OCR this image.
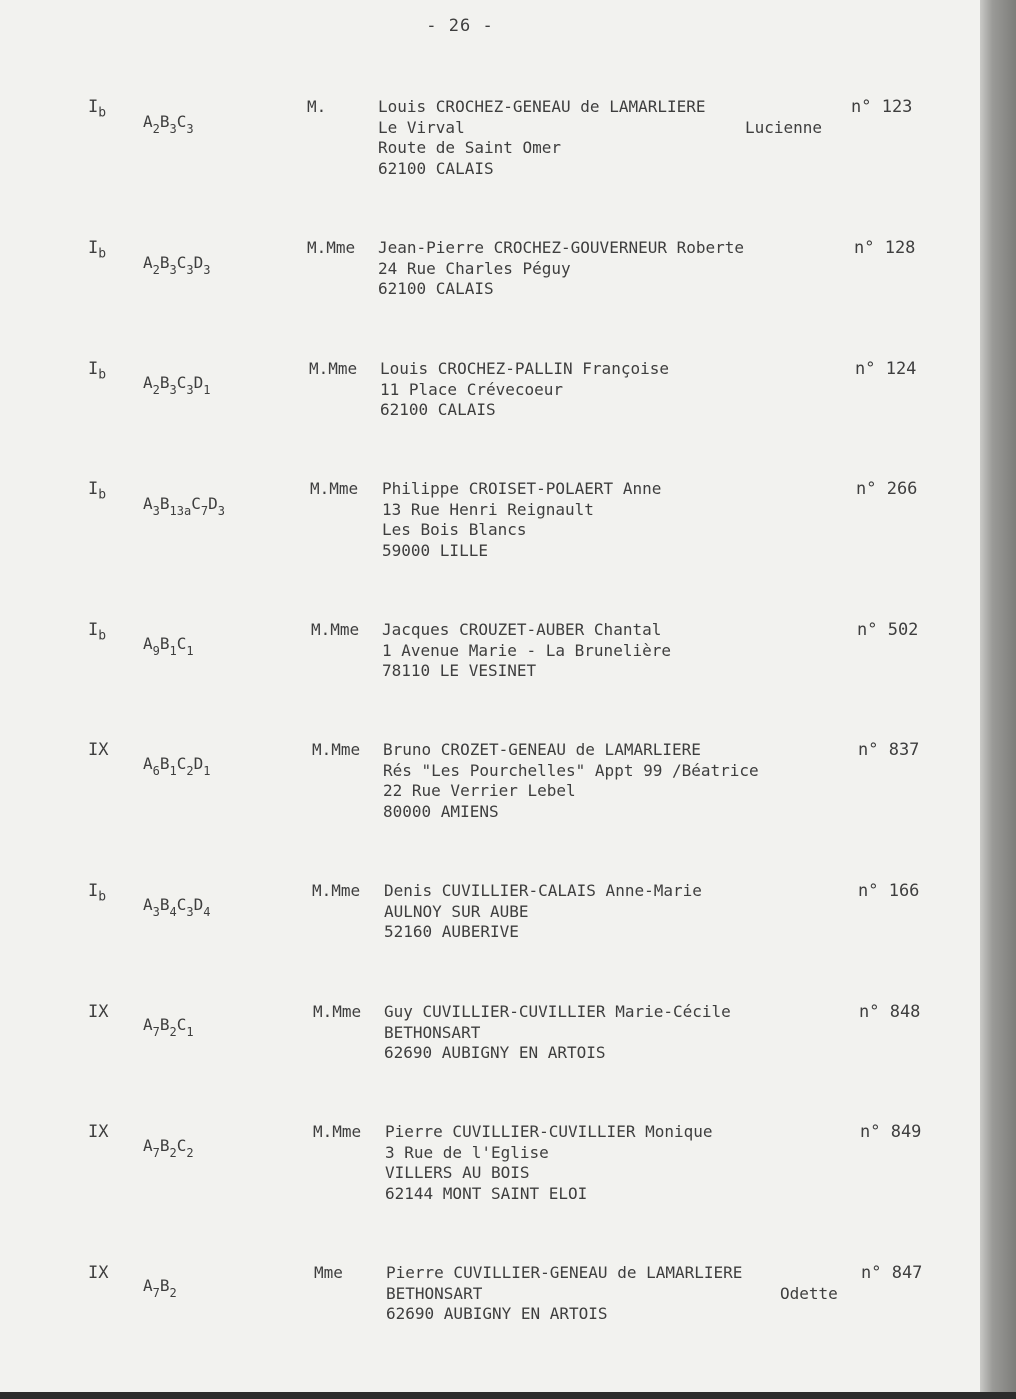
- 26 -
$I_b$ $A_2B_3C_3$
M.	Louis CROCHEZ-GENEAU de LAMARLIERE
Le Virval
Route de Saint Omer
62100 CALAIS
Lucienne
n° 123
$I_b$ $A_2B_3C_3D_3$
M.Mme Jean-Pierre CROCHEZ-GOUVERNEUR Roberte
24 Rue Charles Péguy
62100 CALAIS
n° 128
$I_b$ $A_2B_3C_3D_1$
M.Mme Louis CROCHEZ-PALLIN Françoise
11 Place Crévecoeur
62100 CALAIS
n° 124
$I_b$ $A_3B_{13a}C_7D_3$
M.Mme Philippe CROISET-POLAERT Anne
13 Rue Henri Reignault
Les Bois Blancs
59000 LILLE
n° 266
$I_b$ $A_9B_1C_1$
M.Mme Jacques CROUZET-AUBER Chantal
1 Avenue Marie - La Brunelière
78110 LE VESINET
n° 502
IX
$A_6B_1C_2D_1$
M.Mme Bruno CROZET-GENEAU de LAMARLIERE
Rés "Les Pourchelles" Appt 99 /Béatrice
22 Rue Verrier Lebel
80000 AMIENS
n° 837
$I_b$ $A_3B_4C_3D_4$
M.Mme Denis CUVILLIER-CALAIS Anne-Marie
AULNOY SUR AUBE
52160 AUBERIVE
n° 166
IX
$A_7B_2C_1$
M.Mme Guy CUVILLIER-CUVILLIER Marie-Cécile
BETHONSART
62690 AUBIGNY EN ARTOIS
n° 848
IX
$A_7B_2C_2$
M.Mme Pierre CUVILLIER-CUVILLIER Monique
3 Rue de l'Eglise
VILLERS AU BOIS
62144 MONT SAINT ELOI
n° 849
IX
$A_7B_2$
Mme	Pierre CUVILLIER-GENEAU de LAMARLIERE
BETHONSART
62690 AUBIGNY EN ARTOIS
Odette
n° 847
